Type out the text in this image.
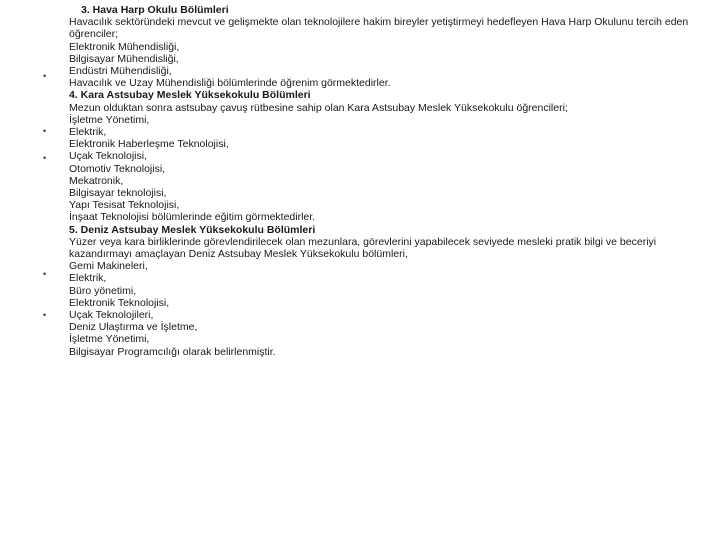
•
•
•
•
•
3. Hava Harp Okulu Bölümleri
Havacılık sektöründeki mevcut ve gelişmekte olan teknolojilere hakim bireyler yetiştirmeyi hedefleyen Hava Harp Okulunu tercih eden öğrenciler;
Elektronik Mühendisliği,
Bilgisayar Mühendisliği,
Endüstri Mühendisliği,
Havacılık ve Uzay Mühendisliği bölümlerinde öğrenim görmektedirler.
4. Kara Astsubay Meslek Yüksekokulu Bölümleri
Mezun olduktan sonra astsubay çavuş rütbesine sahip olan Kara Astsubay Meslek Yüksekokulu öğrencileri;
İşletme Yönetimi,
Elektrik,
Elektronik Haberleşme Teknolojisi,
Uçak Teknolojisi,
Otomotiv Teknolojisi,
Mekatronik,
Bilgisayar teknolojisi,
Yapı Tesisat Teknolojisi,
İnşaat Teknolojisi bölümlerinde eğitim görmektedirler.
5. Deniz Astsubay Meslek Yüksekokulu Bölümleri
Yüzer veya kara birliklerinde görevlendirilecek olan mezunlara, görevlerini yapabilecek seviyede mesleki pratik bilgi ve beceriyi kazandırmayı amaçlayan Deniz Astsubay Meslek Yüksekokulu bölümleri,
Gemi Makineleri,
Elektrik,
Büro yönetimi,
Elektronik Teknolojisi,
Uçak Teknolojileri,
Deniz Ulaştırma ve İşletme,
İşletme Yönetimi,
Bilgisayar Programcılığı olarak belirlenmiştir.
